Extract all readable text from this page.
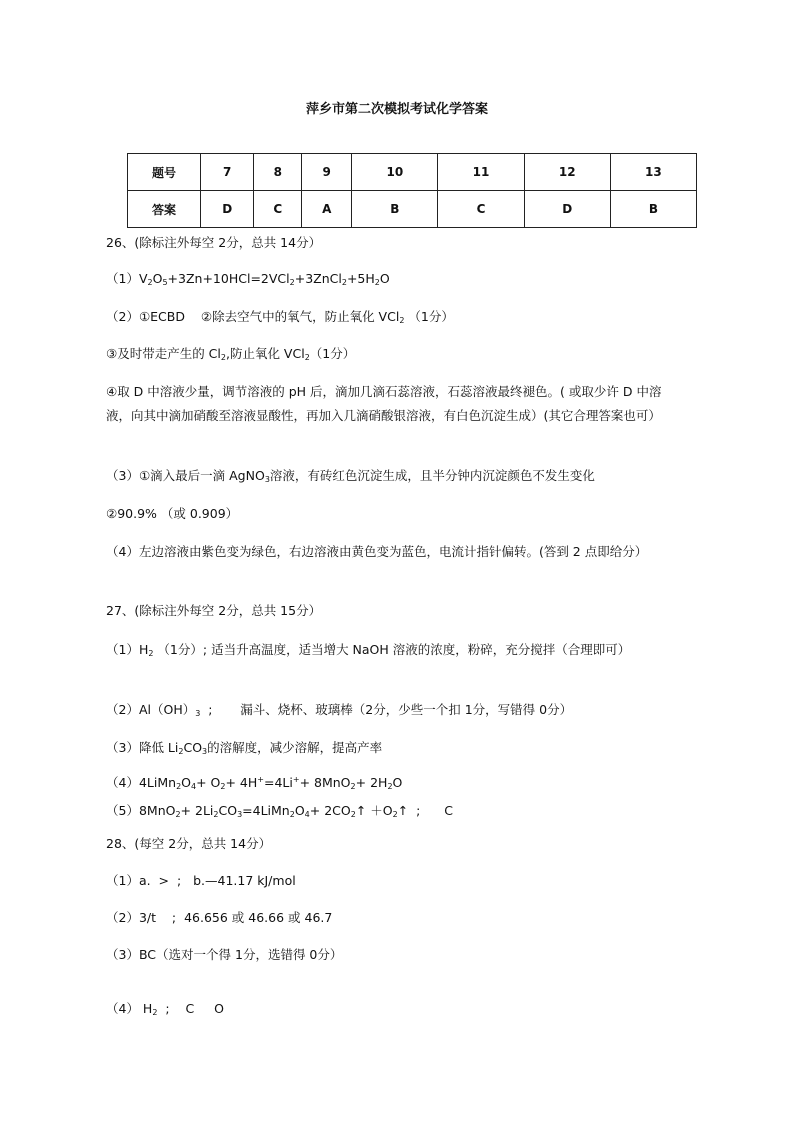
萍乡市第二次模拟考试化学答案
题号	7	8	9	10	11	12	13
答案	D	C	A	B	C	D	B
26、(除标注外每空 2分，总共 14分）
$(1)V_2O_5+3Zn+10HCl=2VCl_2+3ZnCl_2+5H_2O$
（2）①ECBD    ②除去空气中的氧气，防止氧化 VCl$_2$ （1分）
③及时带走产生的 $Cl_2$,防止氧化 VCl$_2$（1分）
④取 D 中溶液少量，调节溶液的 pH 后，滴加几滴石蕊溶液，石蕊溶液最终褪色。( 或取少许 D 中溶液，向其中滴加硝酸至溶液显酸性，再加入几滴硝酸银溶液，有白色沉淀生成）(其它合理答案也可）
（3）①滴入最后一滴 AgNO$_3$溶液，有砖红色沉淀生成，且半分钟内沉淀颜色不发生变化
②90.9% （或 0.909）
（4）左边溶液由紫色变为绿色，右边溶液由黄色变为蓝色，电流计指针偏转。(答到 2 点即给分）
27、(除标注外每空 2分，总共 15分）
$(1)H_2$ （1分）; 适当升高温度，适当增大 NaOH 溶液的浓度，粉碎，充分搅拌（合理即可）
$(2)Al(OH)_3$  ;       漏斗、烧杯、玻璃棒（2分，少些一个扣 1分，写错得 0分）
（3）降低 $Li_2CO_3$的溶解度，减少溶解，提高产率
$(4)4LiMn_2O_4+ O_2+ 4H^+=4Li^++ 8MnO_2+ 2H_2O$
$(5)8MnO_2+ 2Li_2CO_3=4LiMn_2O_4+$ $2CO_2↑$ $+O_2↑$  ;      C
28、(每空 2分，总共 14分）
（1）a.  >  ;   b.—41.17 kJ/mol
（2）3/t    ;  46.656 或 46.66 或 46.7
（3）BC（选对一个得 1分，选错得 0分）
（4） $H_2$  ;    C     O
